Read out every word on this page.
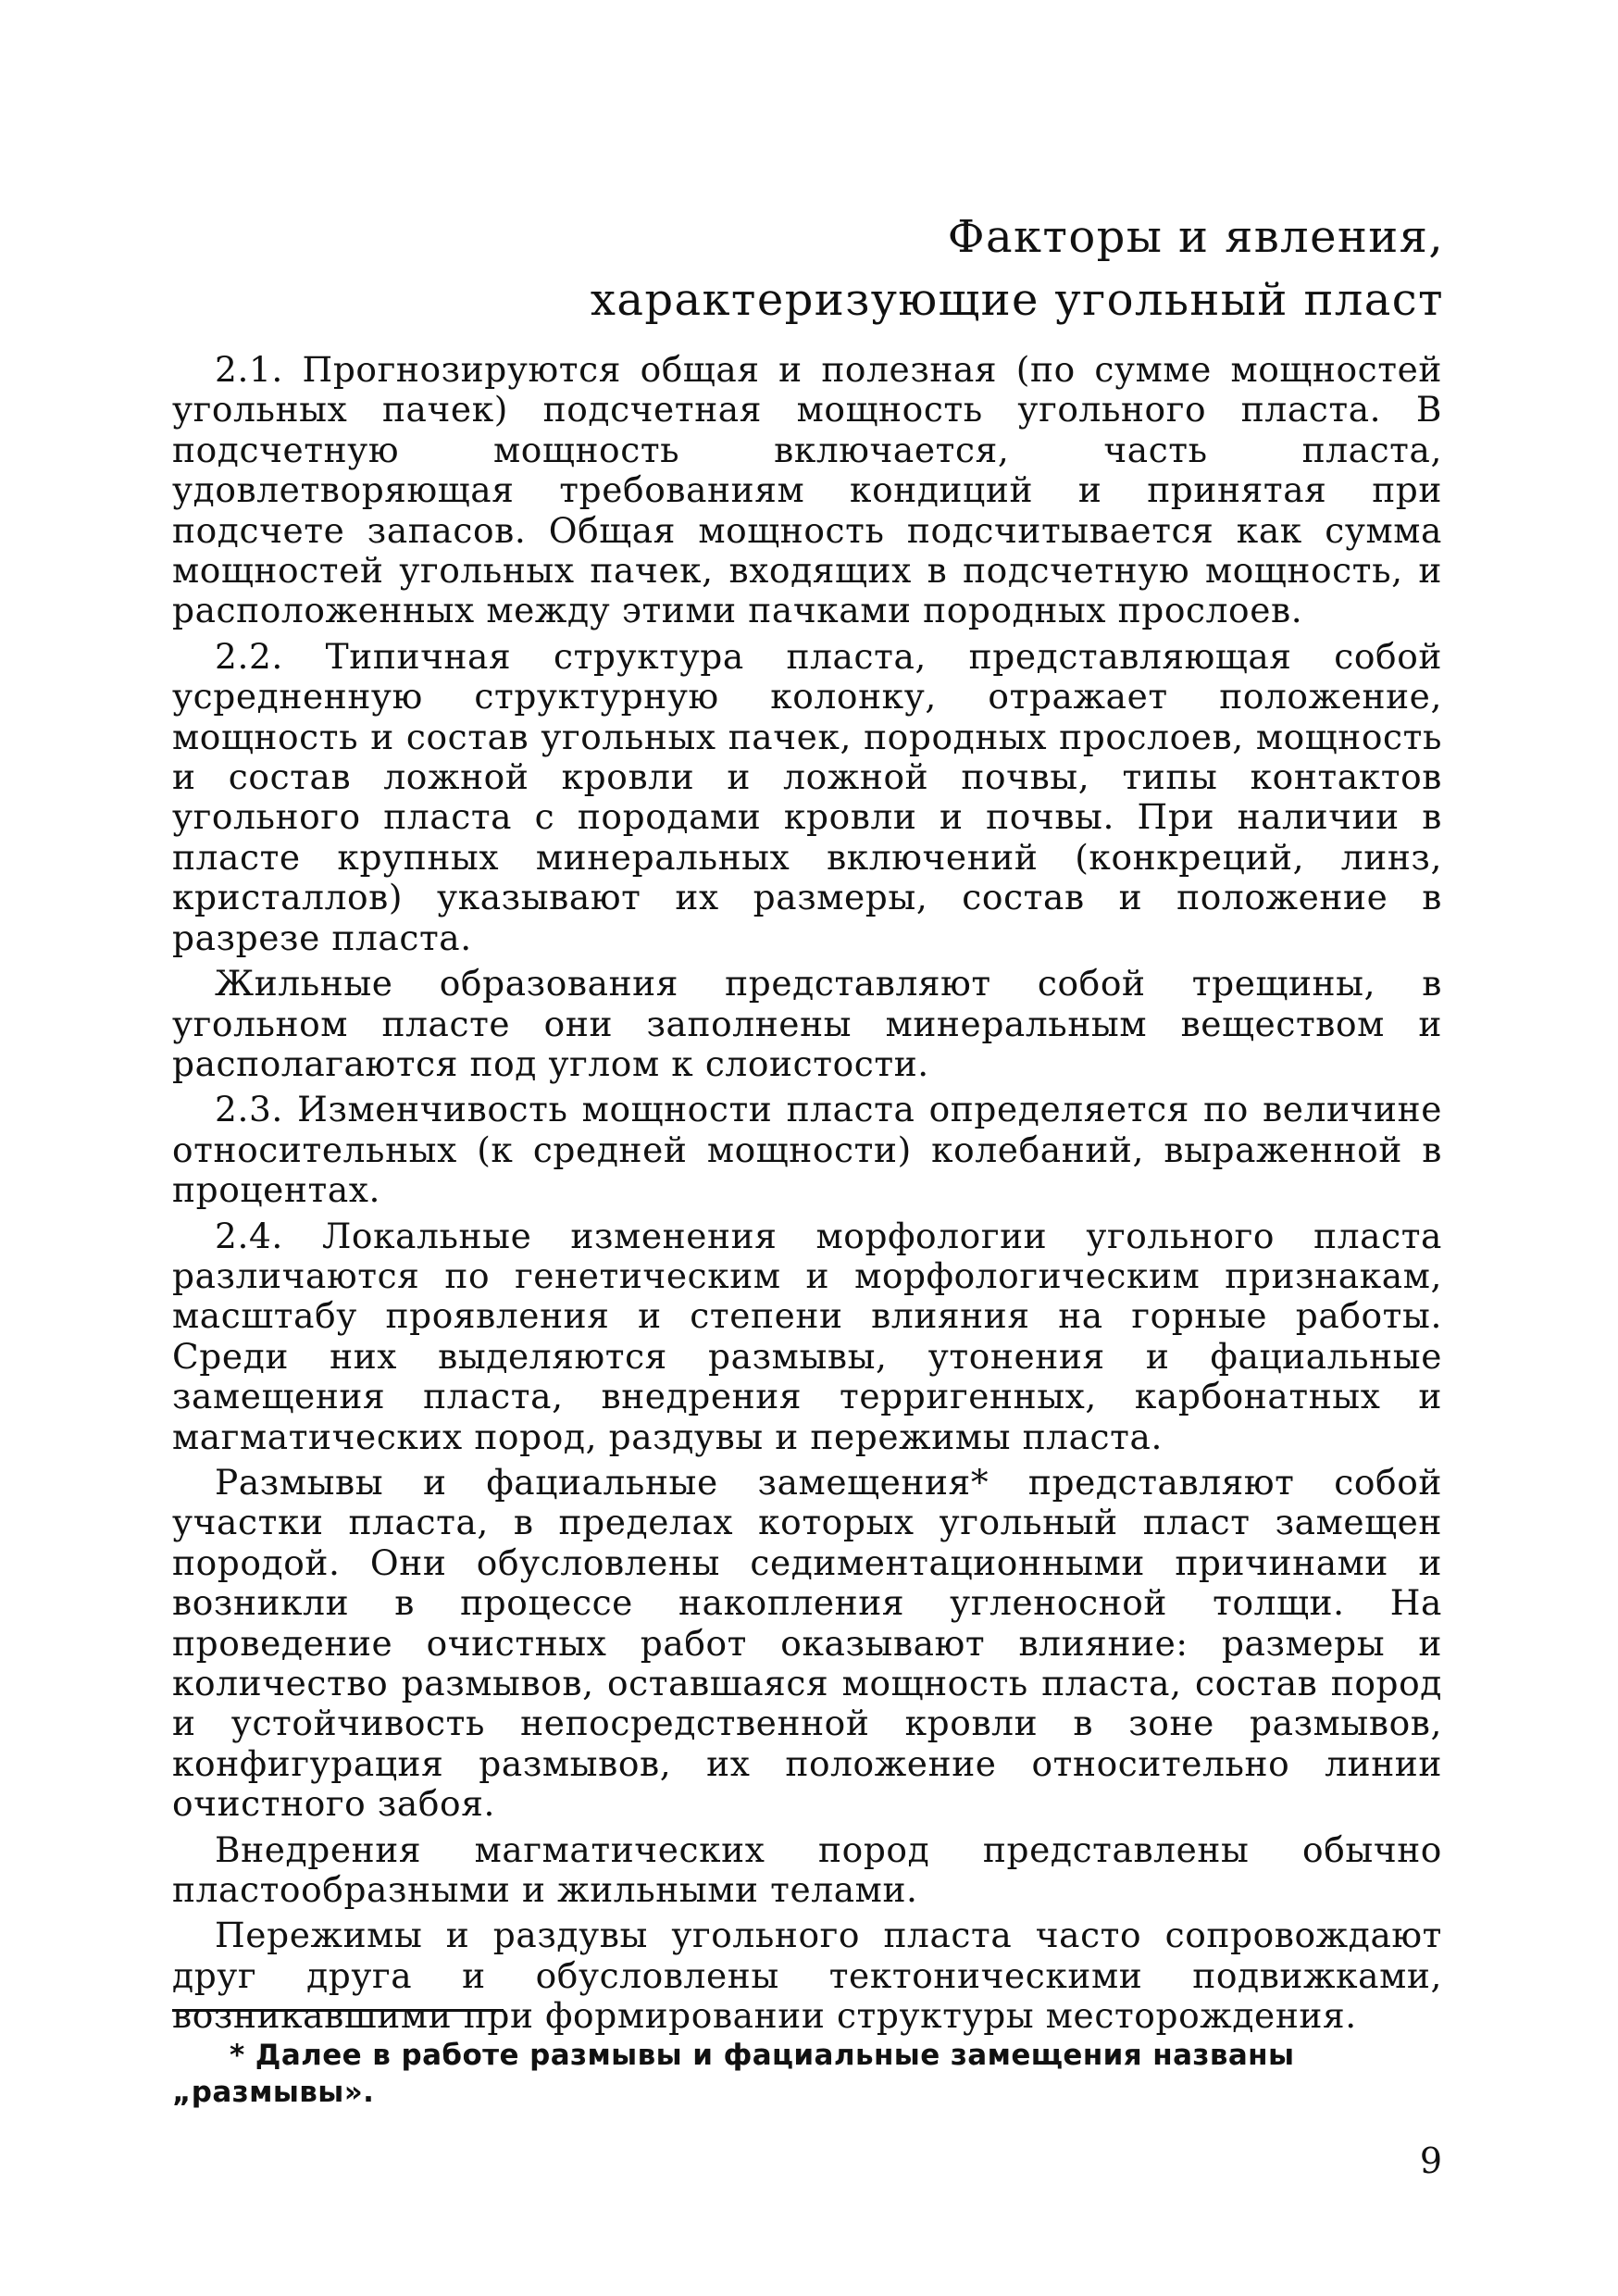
Факторы и явления,
характеризующие угольный пласт

2.1. Прогнозируются общая и полезная (по сумме мощностей угольных пачек) подсчетная мощность угольного пласта. В подсчетную мощность включается, часть пласта, удовлетворяющая требованиям кондиций и принятая при подсчете запасов. Общая мощность подсчитывается как сумма мощностей угольных пачек, входящих в подсчетную мощность, и расположенных между этими пачками породных прослоев.

2.2. Типичная структура пласта, представляющая собой усредненную структурную колонку, отражает положение, мощность и состав угольных пачек, породных прослоев, мощность и состав ложной кровли и ложной почвы, типы контактов угольного пласта с породами кровли и почвы. При наличии в пласте крупных минеральных включений (конкреций, линз, кристаллов) указывают их размеры, состав и положение в разрезе пласта.

Жильные образования представляют собой трещины, в угольном пласте они заполнены минеральным веществом и располагаются под углом к слоистости.

2.3. Изменчивость мощности пласта определяется по величине относительных (к средней мощности) колебаний, выраженной в процентах.

2.4. Локальные изменения морфологии угольного пласта различаются по генетическим и морфологическим признакам, масштабу проявления и степени влияния на горные работы. Среди них выделяются размывы, утонения и фациальные замещения пласта, внедрения терригенных, карбонатных и магматических пород, раздувы и пережимы пласта.

Размывы и фациальные замещения* представляют собой участки пласта, в пределах которых угольный пласт замещен породой. Они обусловлены седиментационными причинами и возникли в процессе накопления угленосной толщи. На проведение очистных работ оказывают влияние: размеры и количество размывов, оставшаяся мощность пласта, состав пород и устойчивость непосредственной кровли в зоне размывов, конфигурация размывов, их положение относительно линии очистного забоя.

Внедрения магматических пород представлены обычно пластообразными и жильными телами.

Пережимы и раздувы угольного пласта часто сопровождают друг друга и обусловлены тектоническими подвижками, возникавшими при формировании структуры месторождения.

* Далее в работе размывы и фациальные замещения названы „размывы».

9
